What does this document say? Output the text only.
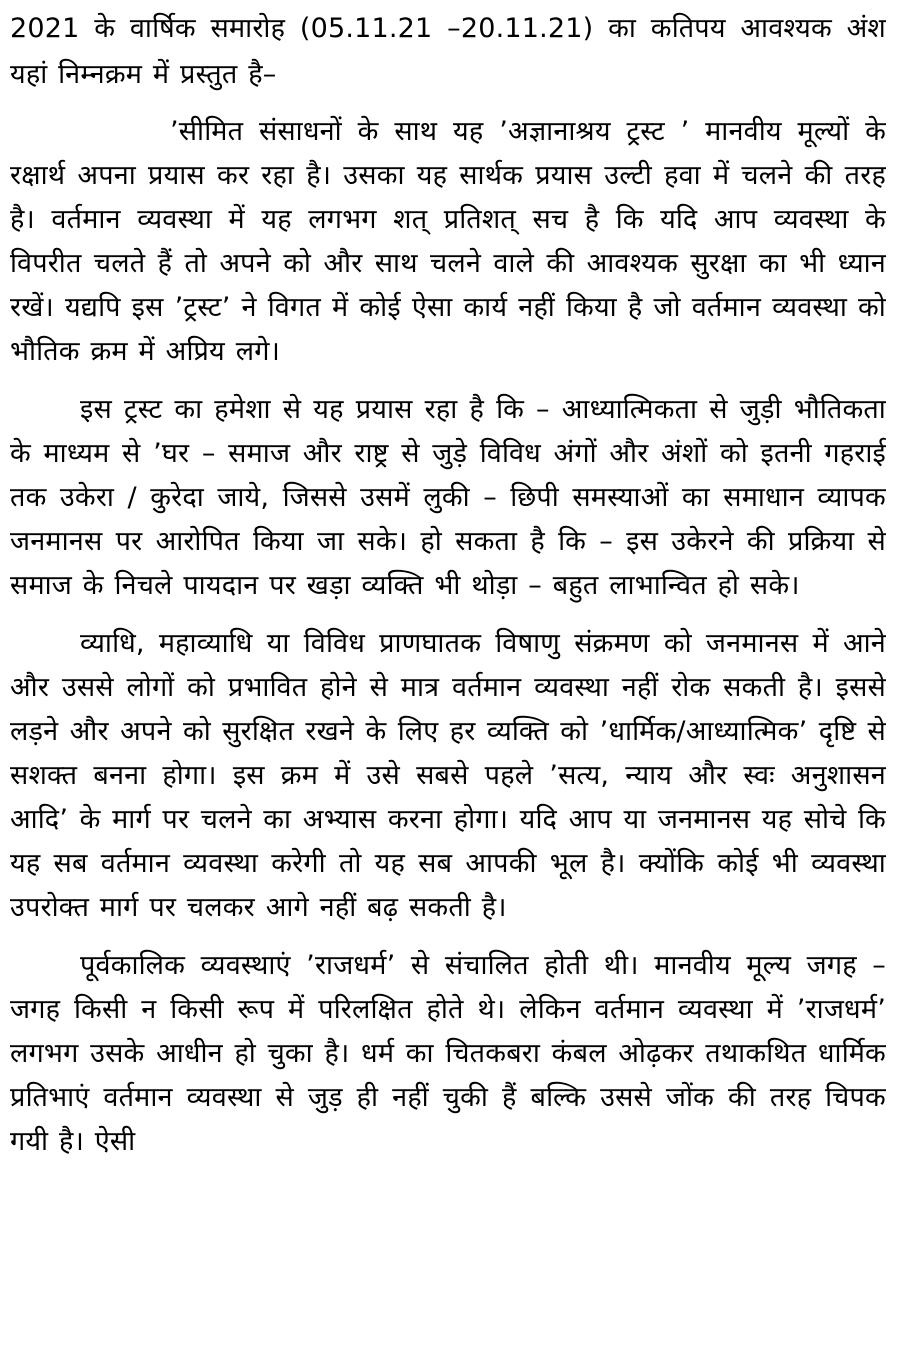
2021 के वार्षिक समारोह (05.11.21 –20.11.21) का कतिपय आवश्यक अंश यहां निम्नक्रम में प्रस्तुत है–

’सीमित संसाधनों के साथ यह ’अज्ञानाश्रय ट्रस्ट ’ मानवीय मूल्यों के रक्षार्थ अपना प्रयास कर रहा है। उसका यह सार्थक प्रयास उल्टी हवा में चलने की तरह है। वर्तमान व्यवस्था में यह लगभग शत् प्रतिशत् सच है कि यदि आप व्यवस्था के विपरीत चलते हैं तो अपने को और साथ चलने वाले की आवश्यक सुरक्षा का भी ध्यान रखें। यद्यपि इस ’ट्रस्ट’ ने विगत में कोई ऐसा कार्य नहीं किया है जो वर्तमान व्यवस्था को भौतिक क्रम में अप्रिय लगे।

इस ट्रस्ट का हमेशा से यह प्रयास रहा है कि – आध्यात्मिकता से जुड़ी भौतिकता के माध्यम से ’घर – समाज और राष्ट्र से जुड़े विविध अंगों और अंशों को इतनी गहराई तक उकेरा / कुरेदा जाये, जिससे उसमें लुकी – छिपी समस्याओं का समाधान व्यापक जनमानस पर आरोपित किया जा सके। हो सकता है कि – इस उकेरने की प्रक्रिया से समाज के निचले पायदान पर खड़ा व्यक्ति भी थोड़ा – बहुत लाभान्वित हो सके।

व्याधि, महाव्याधि या विविध प्राणघातक विषाणु संक्रमण को जनमानस में आने और उससे लोगों को प्रभावित होने से मात्र वर्तमान व्यवस्था नहीं रोक सकती है। इससे लड़ने और अपने को सुरक्षित रखने के लिए हर व्यक्ति को ’धार्मिक/आध्यात्मिक’ दृष्टि से सशक्त बनना होगा। इस क्रम में उसे सबसे पहले ’सत्य, न्याय और स्वः अनुशासन आदि’ के मार्ग पर चलने का अभ्यास करना होगा। यदि आप या जनमानस यह सोचे कि यह सब वर्तमान व्यवस्था करेगी तो यह सब आपकी भूल है। क्योंकि कोई भी व्यवस्था उपरोक्त मार्ग पर चलकर आगे नहीं बढ़ सकती है।

पूर्वकालिक व्यवस्थाएं ’राजधर्म’ से संचालित होती थी। मानवीय मूल्य जगह – जगह किसी न किसी रूप में परिलक्षित होते थे। लेकिन वर्तमान व्यवस्था में ’राजधर्म’ लगभग उसके आधीन हो चुका है। धर्म का चितकबरा कंबल ओढ़कर तथाकथित धार्मिक प्रतिभाएं वर्तमान व्यवस्था से जुड़ ही नहीं चुकी हैं बल्कि उससे जोंक की तरह चिपक गयी है। ऐसी
